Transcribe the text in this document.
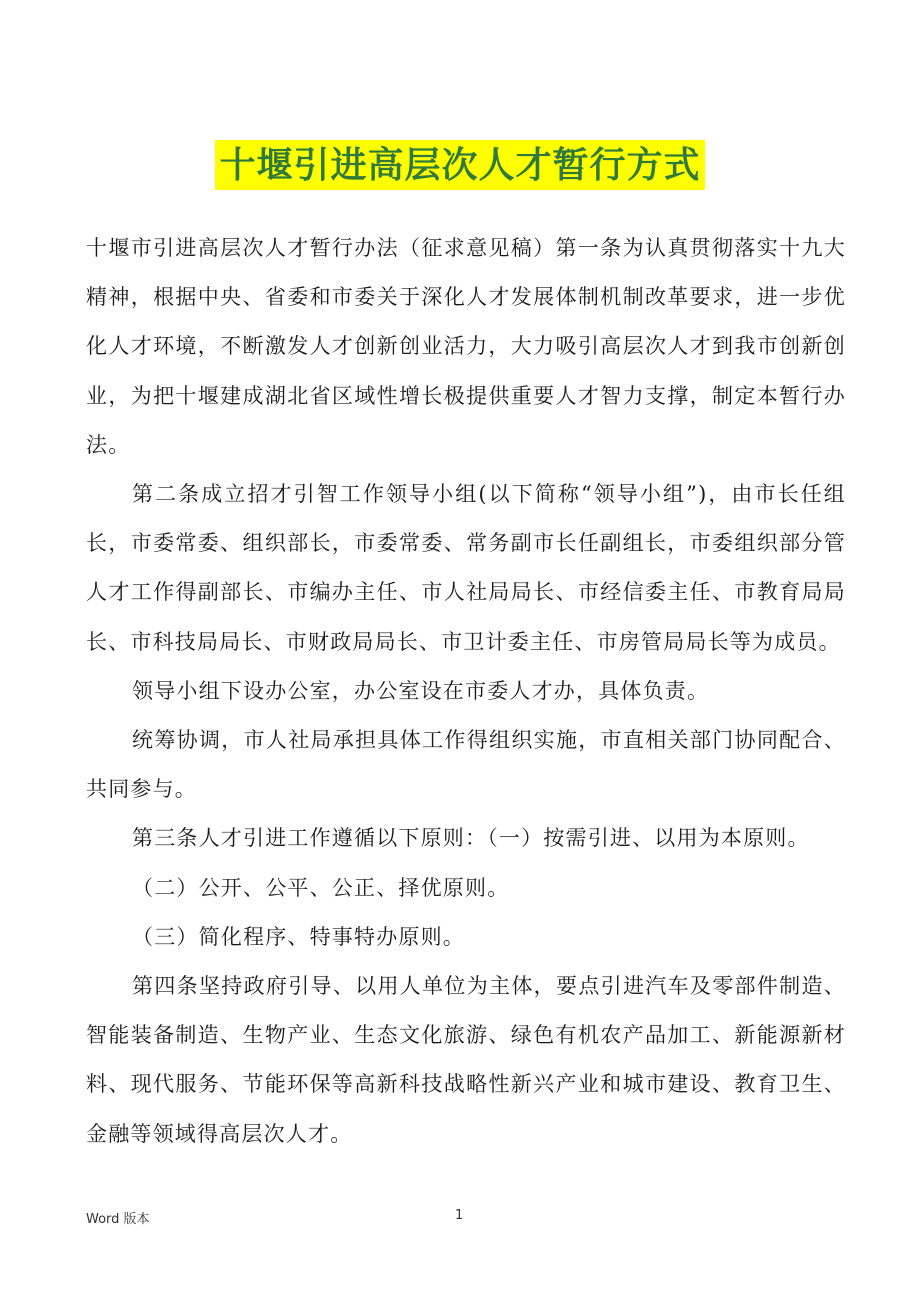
十堰引进高层次人才暂行方式

十堰市引进高层次人才暂行办法（征求意见稿）第一条为认真贯彻落实十九大精神，根据中央、省委和市委关于深化人才发展体制机制改革要求，进一步优化人才环境，不断激发人才创新创业活力，大力吸引高层次人才到我市创新创业，为把十堰建成湖北省区域性增长极提供重要人才智力支撑，制定本暂行办法。

第二条成立招才引智工作领导小组(以下简称“领导小组”)，由市长任组长，市委常委、组织部长，市委常委、常务副市长任副组长，市委组织部分管人才工作得副部长、市编办主任、市人社局局长、市经信委主任、市教育局局长、市科技局局长、市财政局局长、市卫计委主任、市房管局局长等为成员。

领导小组下设办公室，办公室设在市委人才办，具体负责。

统筹协调，市人社局承担具体工作得组织实施，市直相关部门协同配合、共同参与。

第三条人才引进工作遵循以下原则：（一）按需引进、以用为本原则。

（二）公开、公平、公正、择优原则。

（三）简化程序、特事特办原则。

第四条坚持政府引导、以用人单位为主体，要点引进汽车及零部件制造、智能装备制造、生物产业、生态文化旅游、绿色有机农产品加工、新能源新材料、现代服务、节能环保等高新科技战略性新兴产业和城市建设、教育卫生、金融等领域得高层次人才。

Word 版本	1
